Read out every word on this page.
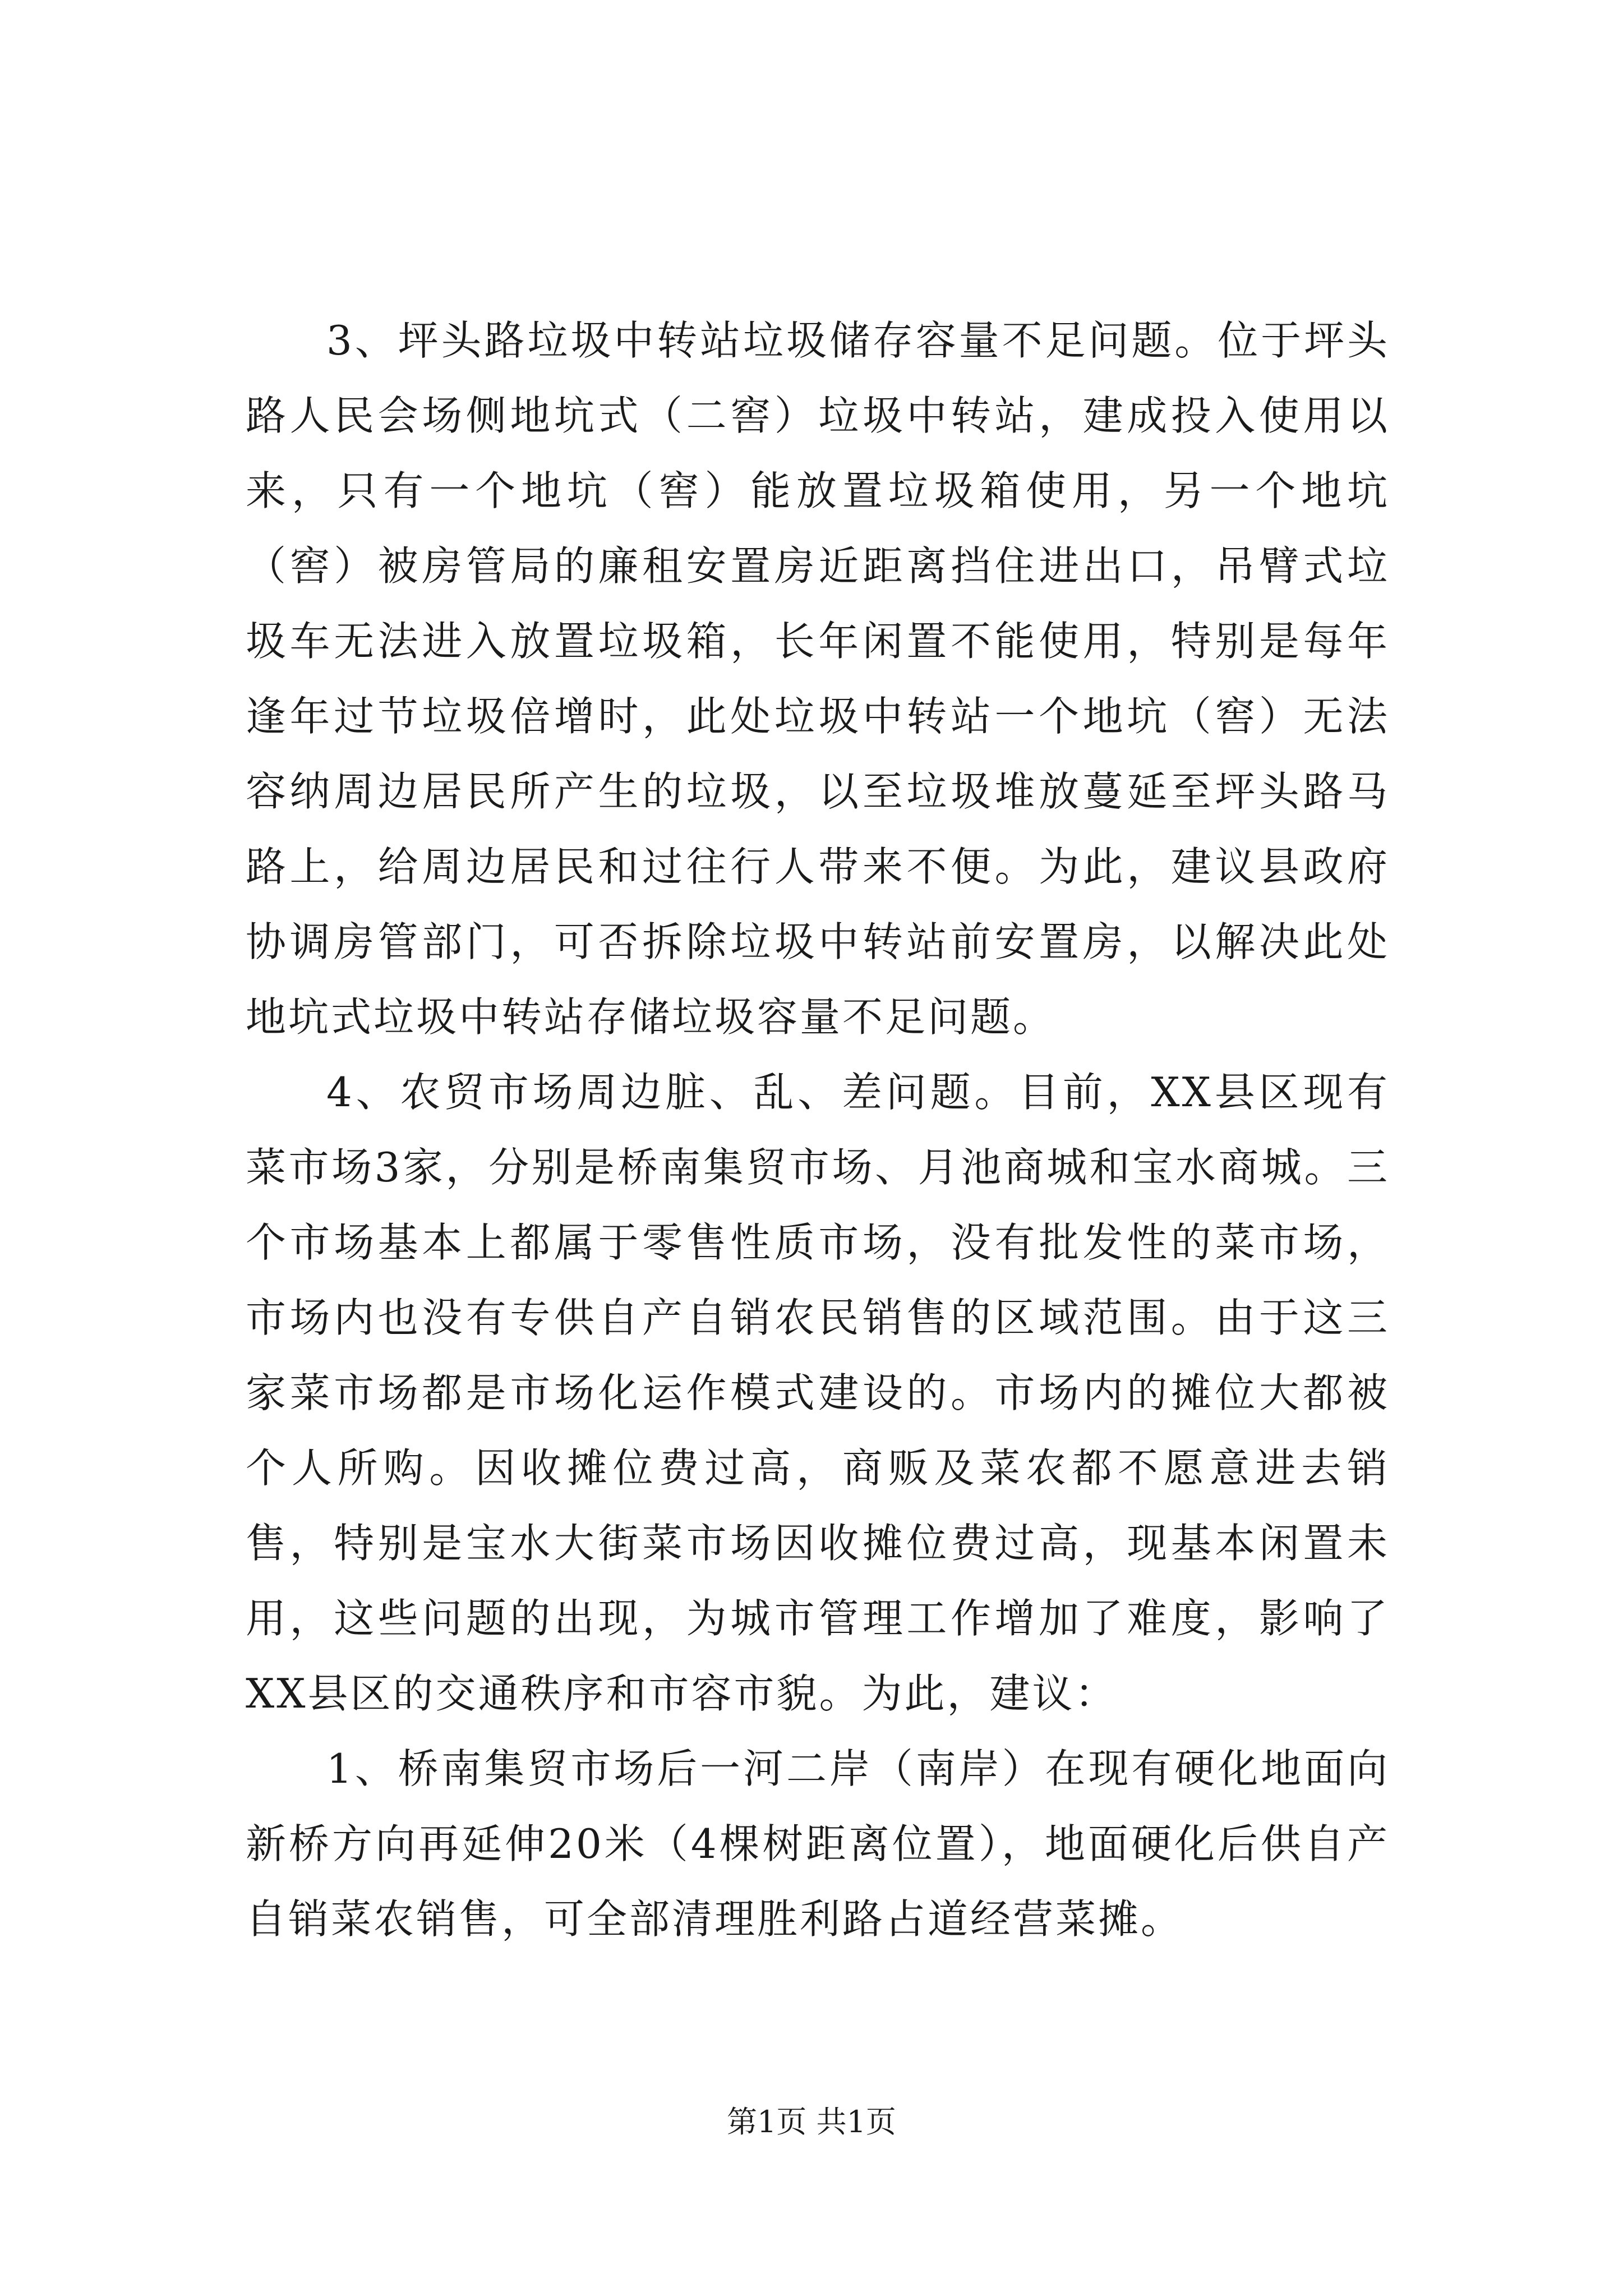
3、坪头路垃圾中转站垃圾储存容量不足问题。位于坪头路人民会场侧地坑式（二窖）垃圾中转站，建成投入使用以来，只有一个地坑（窖）能放置垃圾箱使用，另一个地坑（窖）被房管局的廉租安置房近距离挡住进出口，吊臂式垃圾车无法进入放置垃圾箱，长年闲置不能使用，特别是每年逢年过节垃圾倍增时，此处垃圾中转站一个地坑（窖）无法容纳周边居民所产生的垃圾，以至垃圾堆放蔓延至坪头路马路上，给周边居民和过往行人带来不便。为此，建议县政府协调房管部门，可否拆除垃圾中转站前安置房，以解决此处地坑式垃圾中转站存储垃圾容量不足问题。

4、农贸市场周边脏、乱、差问题。目前，XX县区现有菜市场3家，分别是桥南集贸市场、月池商城和宝水商城。三个市场基本上都属于零售性质市场，没有批发性的菜市场，市场内也没有专供自产自销农民销售的区域范围。由于这三家菜市场都是市场化运作模式建设的。市场内的摊位大都被个人所购。因收摊位费过高，商贩及菜农都不愿意进去销售，特别是宝水大街菜市场因收摊位费过高，现基本闲置未用，这些问题的出现，为城市管理工作增加了难度，影响了XX县区的交通秩序和市容市貌。为此，建议：

1、桥南集贸市场后一河二岸（南岸）在现有硬化地面向新桥方向再延伸20米（4棵树距离位置），地面硬化后供自产自销菜农销售，可全部清理胜利路占道经营菜摊。

第1页 共1页
